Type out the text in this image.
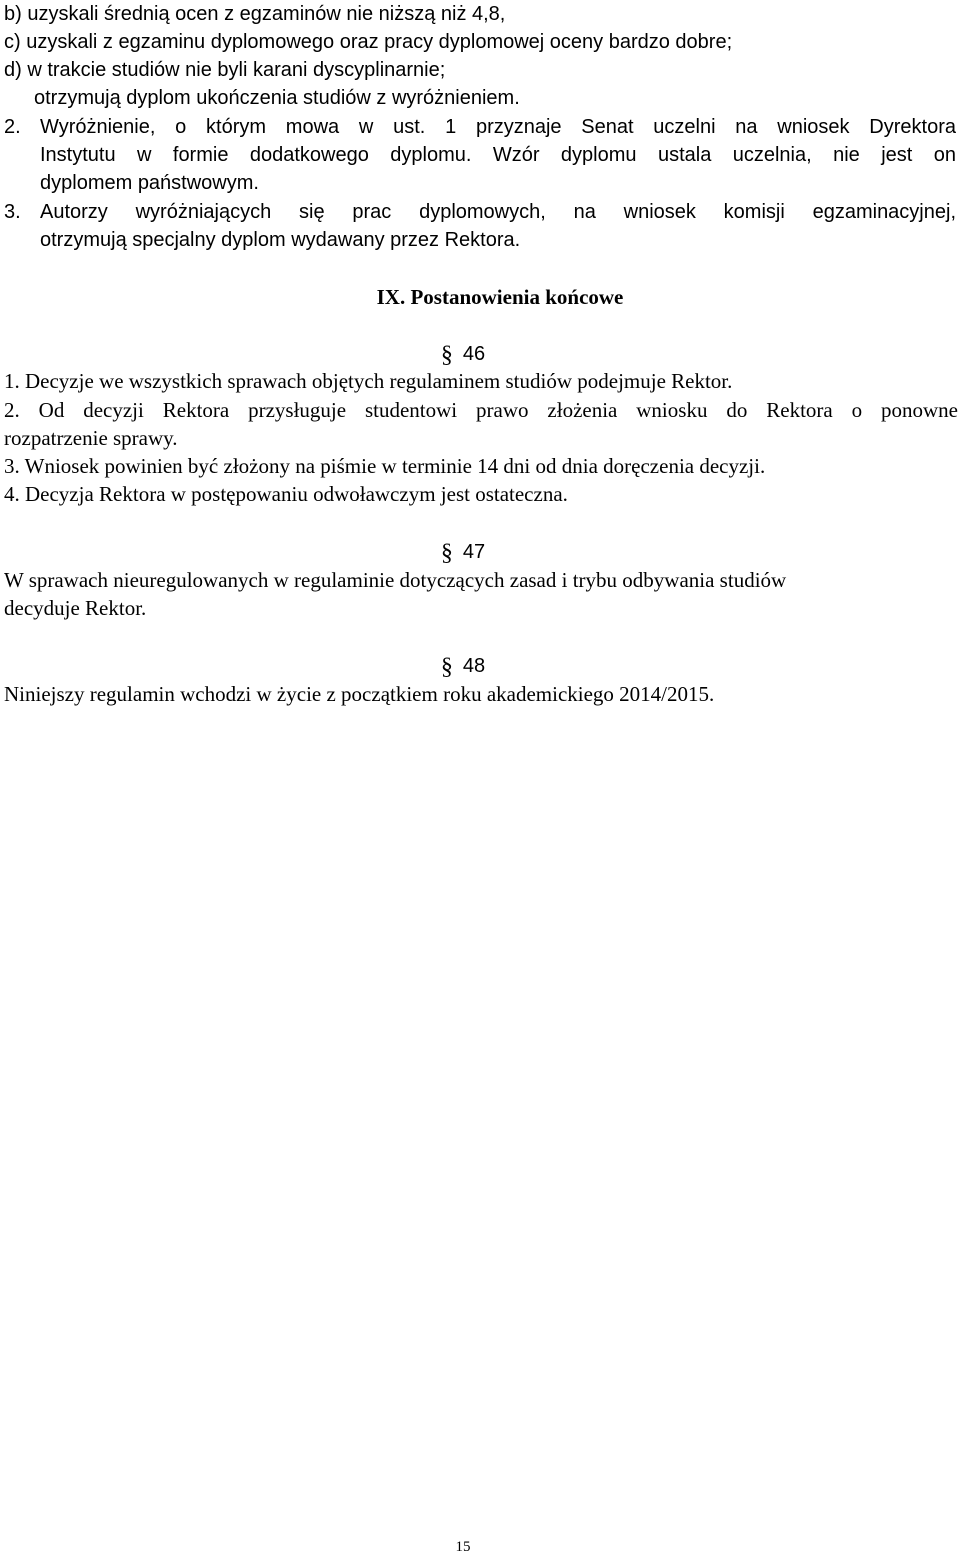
b) uzyskali średnią ocen z egzaminów nie niższą niż 4,8,
c) uzyskali z egzaminu dyplomowego oraz pracy dyplomowej oceny bardzo dobre;
d) w trakcie studiów nie byli karani dyscyplinarnie;
otrzymują dyplom ukończenia studiów z wyróżnieniem.
2. Wyróżnienie, o którym mowa w ust. 1 przyznaje Senat uczelni na wniosek Dyrektora
Instytutu w formie dodatkowego dyplomu. Wzór dyplomu ustala uczelnia, nie jest on
dyplomem państwowym.
3. Autorzy wyróżniających się prac dyplomowych, na wniosek komisji egzaminacyjnej,
otrzymują specjalny dyplom wydawany przez Rektora.
IX. Postanowienia końcowe
§ 46
1. Decyzje we wszystkich sprawach objętych regulaminem studiów podejmuje Rektor.
2. Od decyzji Rektora przysługuje studentowi prawo złożenia wniosku do Rektora o ponowne
rozpatrzenie sprawy.
3. Wniosek powinien być złożony na piśmie w terminie 14 dni od dnia doręczenia decyzji.
4. Decyzja Rektora w postępowaniu odwoławczym jest ostateczna.
§ 47
W sprawach nieuregulowanych w regulaminie dotyczących zasad i trybu odbywania studiów
decyduje Rektor.
§ 48
Niniejszy regulamin wchodzi w życie z początkiem roku akademickiego 2014/2015.
15
